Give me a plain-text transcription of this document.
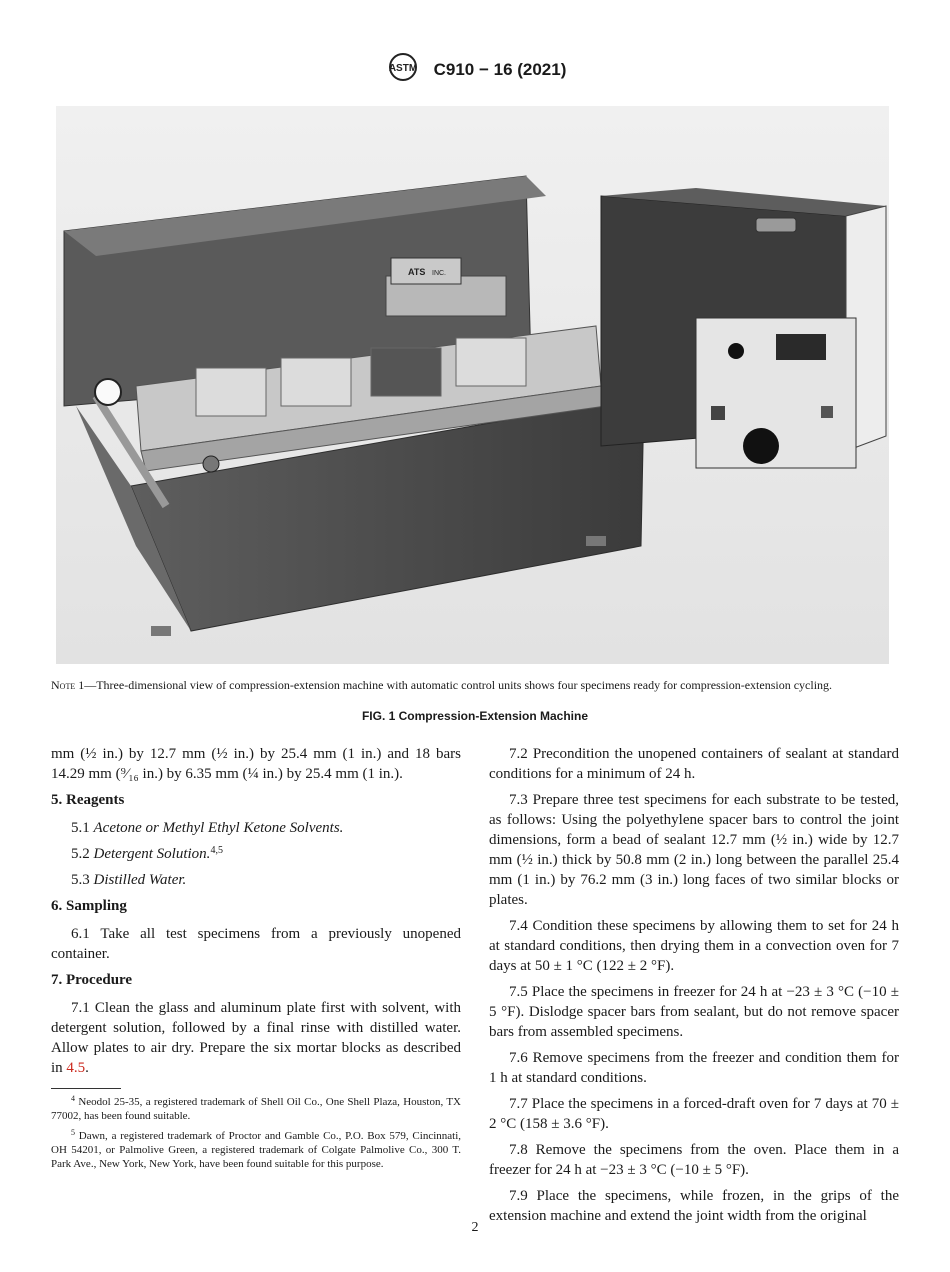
ASTM C910 − 16 (2021)
ATS INC.
Note 1—Three-dimensional view of compression-extension machine with automatic control units shows four specimens ready for compression-extension cycling.
FIG. 1 Compression-Extension Machine

mm (½ in.) by 12.7 mm (½ in.) by 25.4 mm (1 in.) and 18 bars 14.29 mm (⁹⁄₁₆ in.) by 6.35 mm (¼ in.) by 25.4 mm (1 in.).

5. Reagents

5.1 Acetone or Methyl Ethyl Ketone Solvents.

5.2 Detergent Solution.$^{4,5}$

5.3 Distilled Water.

6. Sampling

6.1 Take all test specimens from a previously unopened container.

7. Procedure

7.1 Clean the glass and aluminum plate first with solvent, with detergent solution, followed by a final rinse with distilled water. Allow plates to air dry. Prepare the six mortar blocks as described in 4.5.

$^4$ Neodol 25-35, a registered trademark of Shell Oil Co., One Shell Plaza, Houston, TX 77002, has been found suitable.

$^5$ Dawn, a registered trademark of Proctor and Gamble Co., P.O. Box 579, Cincinnati, OH 54201, or Palmolive Green, a registered trademark of Colgate Palmolive Co., 300 T. Park Ave., New York, New York, have been found suitable for this purpose.

7.2 Precondition the unopened containers of sealant at standard conditions for a minimum of 24 h.

7.3 Prepare three test specimens for each substrate to be tested, as follows: Using the polyethylene spacer bars to control the joint dimensions, form a bead of sealant 12.7 mm (½ in.) wide by 12.7 mm (½ in.) thick by 50.8 mm (2 in.) long between the parallel 25.4 mm (1 in.) by 76.2 mm (3 in.) long faces of two similar blocks or plates.

7.4 Condition these specimens by allowing them to set for 24 h at standard conditions, then drying them in a convection oven for 7 days at 50 ± 1 °C (122 ± 2 °F).

7.5 Place the specimens in freezer for 24 h at −23 ± 3 °C (−10 ± 5 °F). Dislodge spacer bars from sealant, but do not remove spacer bars from assembled specimens.

7.6 Remove specimens from the freezer and condition them for 1 h at standard conditions.

7.7 Place the specimens in a forced-draft oven for 7 days at 70 ± 2 °C (158 ± 3.6 °F).

7.8 Remove the specimens from the oven. Place them in a freezer for 24 h at −23 ± 3 °C (−10 ± 5 °F).

7.9 Place the specimens, while frozen, in the grips of the extension machine and extend the joint width from the original

2
